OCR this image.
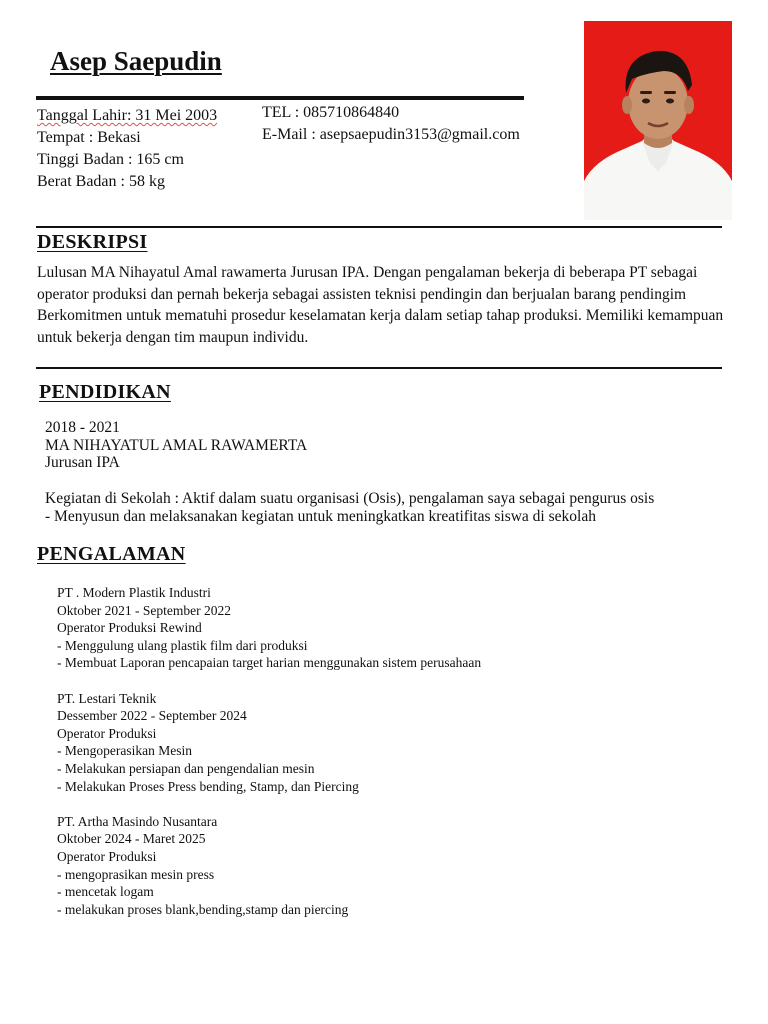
Asep Saepudin
Tanggal Lahir: 31 Mei 2003
Tempat : Bekasi
Tinggi Badan : 165 cm
Berat Badan : 58 kg
TEL : 085710864840
E-Mail : asepsaepudin3153@gmail.com
DESKRIPSI
Lulusan MA Nihayatul Amal rawamerta Jurusan IPA. Dengan pengalaman bekerja di beberapa PT sebagai operator produksi dan pernah bekerja sebagai assisten teknisi pendingin dan berjualan barang pendingim Berkomitmen untuk mematuhi prosedur keselamatan kerja dalam setiap tahap produksi. Memiliki kemampuan untuk bekerja dengan tim maupun individu.
PENDIDIKAN
2018 - 2021
MA NIHAYATUL AMAL RAWAMERTA
Jurusan IPA
Kegiatan di Sekolah : Aktif dalam suatu organisasi (Osis), pengalaman saya sebagai pengurus osis
- Menyusun dan melaksanakan kegiatan untuk meningkatkan kreatifitas siswa di sekolah
PENGALAMAN
PT . Modern Plastik Industri
Oktober 2021 - September 2022
Operator Produksi Rewind
- Menggulung ulang plastik film dari produksi
- Membuat Laporan pencapaian target harian menggunakan sistem perusahaan
PT. Lestari Teknik
Dessember 2022 - September 2024
Operator Produksi
- Mengoperasikan Mesin
- Melakukan persiapan dan pengendalian mesin
- Melakukan Proses Press bending, Stamp, dan Piercing
PT. Artha Masindo Nusantara
Oktober 2024 - Maret 2025
Operator Produksi
- mengoprasikan mesin press
- mencetak logam
- melakukan proses blank,bending,stamp dan piercing
